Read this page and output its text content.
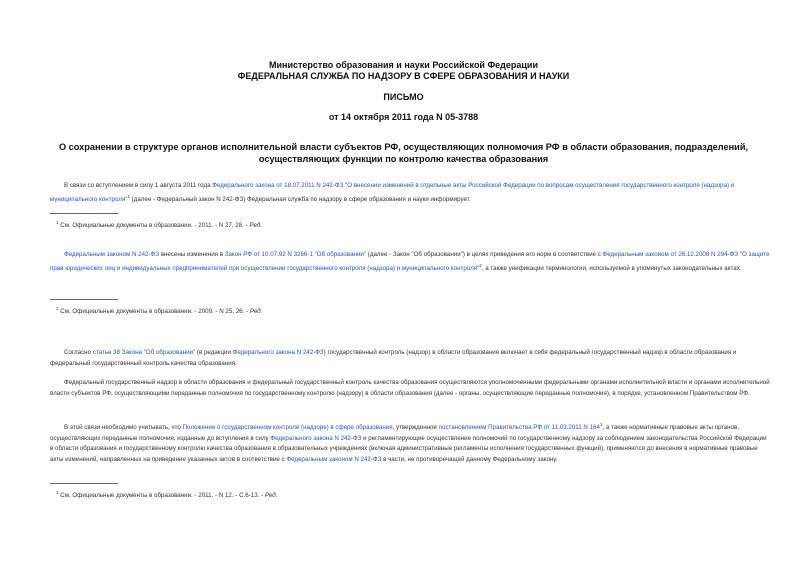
Министерство образования и науки Российской Федерации
ФЕДЕРАЛЬНАЯ СЛУЖБА ПО НАДЗОРУ В СФЕРЕ ОБРАЗОВАНИЯ И НАУКИ
ПИСЬМО
от 14 октября 2011 года N 05-3788
О сохранении в структуре органов исполнительной власти субъектов РФ, осуществляющих полномочия РФ в области образования, подразделений,
осуществляющих функции по контролю качества образования
В связи со вступлением в силу 1 августа 2011 года Федерального закона от 18.07.2011 N 242-ФЗ "О внесении изменений в отдельные акты Российской Федерации по вопросам осуществления государственного контроля (надзора) и муниципального контроля"$^1$ (далее - Федеральный закон N 242-ФЗ) Федеральная служба по надзору в сфере образования и науки информирует.
$^1$ См. Официальные документы в образовании. - 2011. - N 27, 28. - Ред.
Федеральным законом N 242-ФЗ внесены изменения в Закон РФ от 10.07.92 N 3266-1 "Об образовании" (далее - Закон "Об образовании") в целях приведения его норм в соответствие с Федеральным законом от 26.12.2008 N 294-ФЗ "О защите прав юридических лиц и индивидуальных предпринимателей при осуществлении государственного контроля (надзора) и муниципального контроля"$^2$, а также унификации терминологии, используемой в упомянутых законодательных актах.
$^2$ См. Официальные документы в образовании. - 2009. - N 25, 26. - Ред.
Согласно статье 38 Закона "Об образовании" (в редакции Федерального закона N 242-ФЗ) государственный контроль (надзор) в области образования включает в себя федеральный государственный надзор в области образования и федеральный государственный контроль качества образования.
Федеральный государственный надзор в области образования и федеральный государственный контроль качества образования осуществляются уполномоченными федеральными органами исполнительной власти и органами исполнительной власти субъектов РФ, осуществляющими переданные полномочия по государственному контролю (надзору) в области образования (далее - органы, осуществляющие переданные полномочия), в порядке, установленном Правительством РФ.
В этой связи необходимо учитывать, что Положение о государственном контроле (надзоре) в сфере образования, утвержденное постановлением Правительства РФ от 11.03.2011 N $164^1$, а также нормативные правовые акты органов, осуществляющих переданные полномочия, изданные до вступления в силу Федерального закона N 242-ФЗ и регламентирующие осуществление полномочий по государственному надзору за соблюдением законодательства Российской Федерации в области образования и государственному контролю качества образования в образовательных учреждениях (включая административные регламенты исполнения государственных функций), применяются до внесения в нормативные правовые акты изменений, направленных на приведение указанных актов в соответствие с Федеральным законом N 242-ФЗ в части, не противоречащей данному Федеральному закону.
$^1$ См. Официальные документы в образовании. - 2011. - N 12. - С.6-13. - Ред.
